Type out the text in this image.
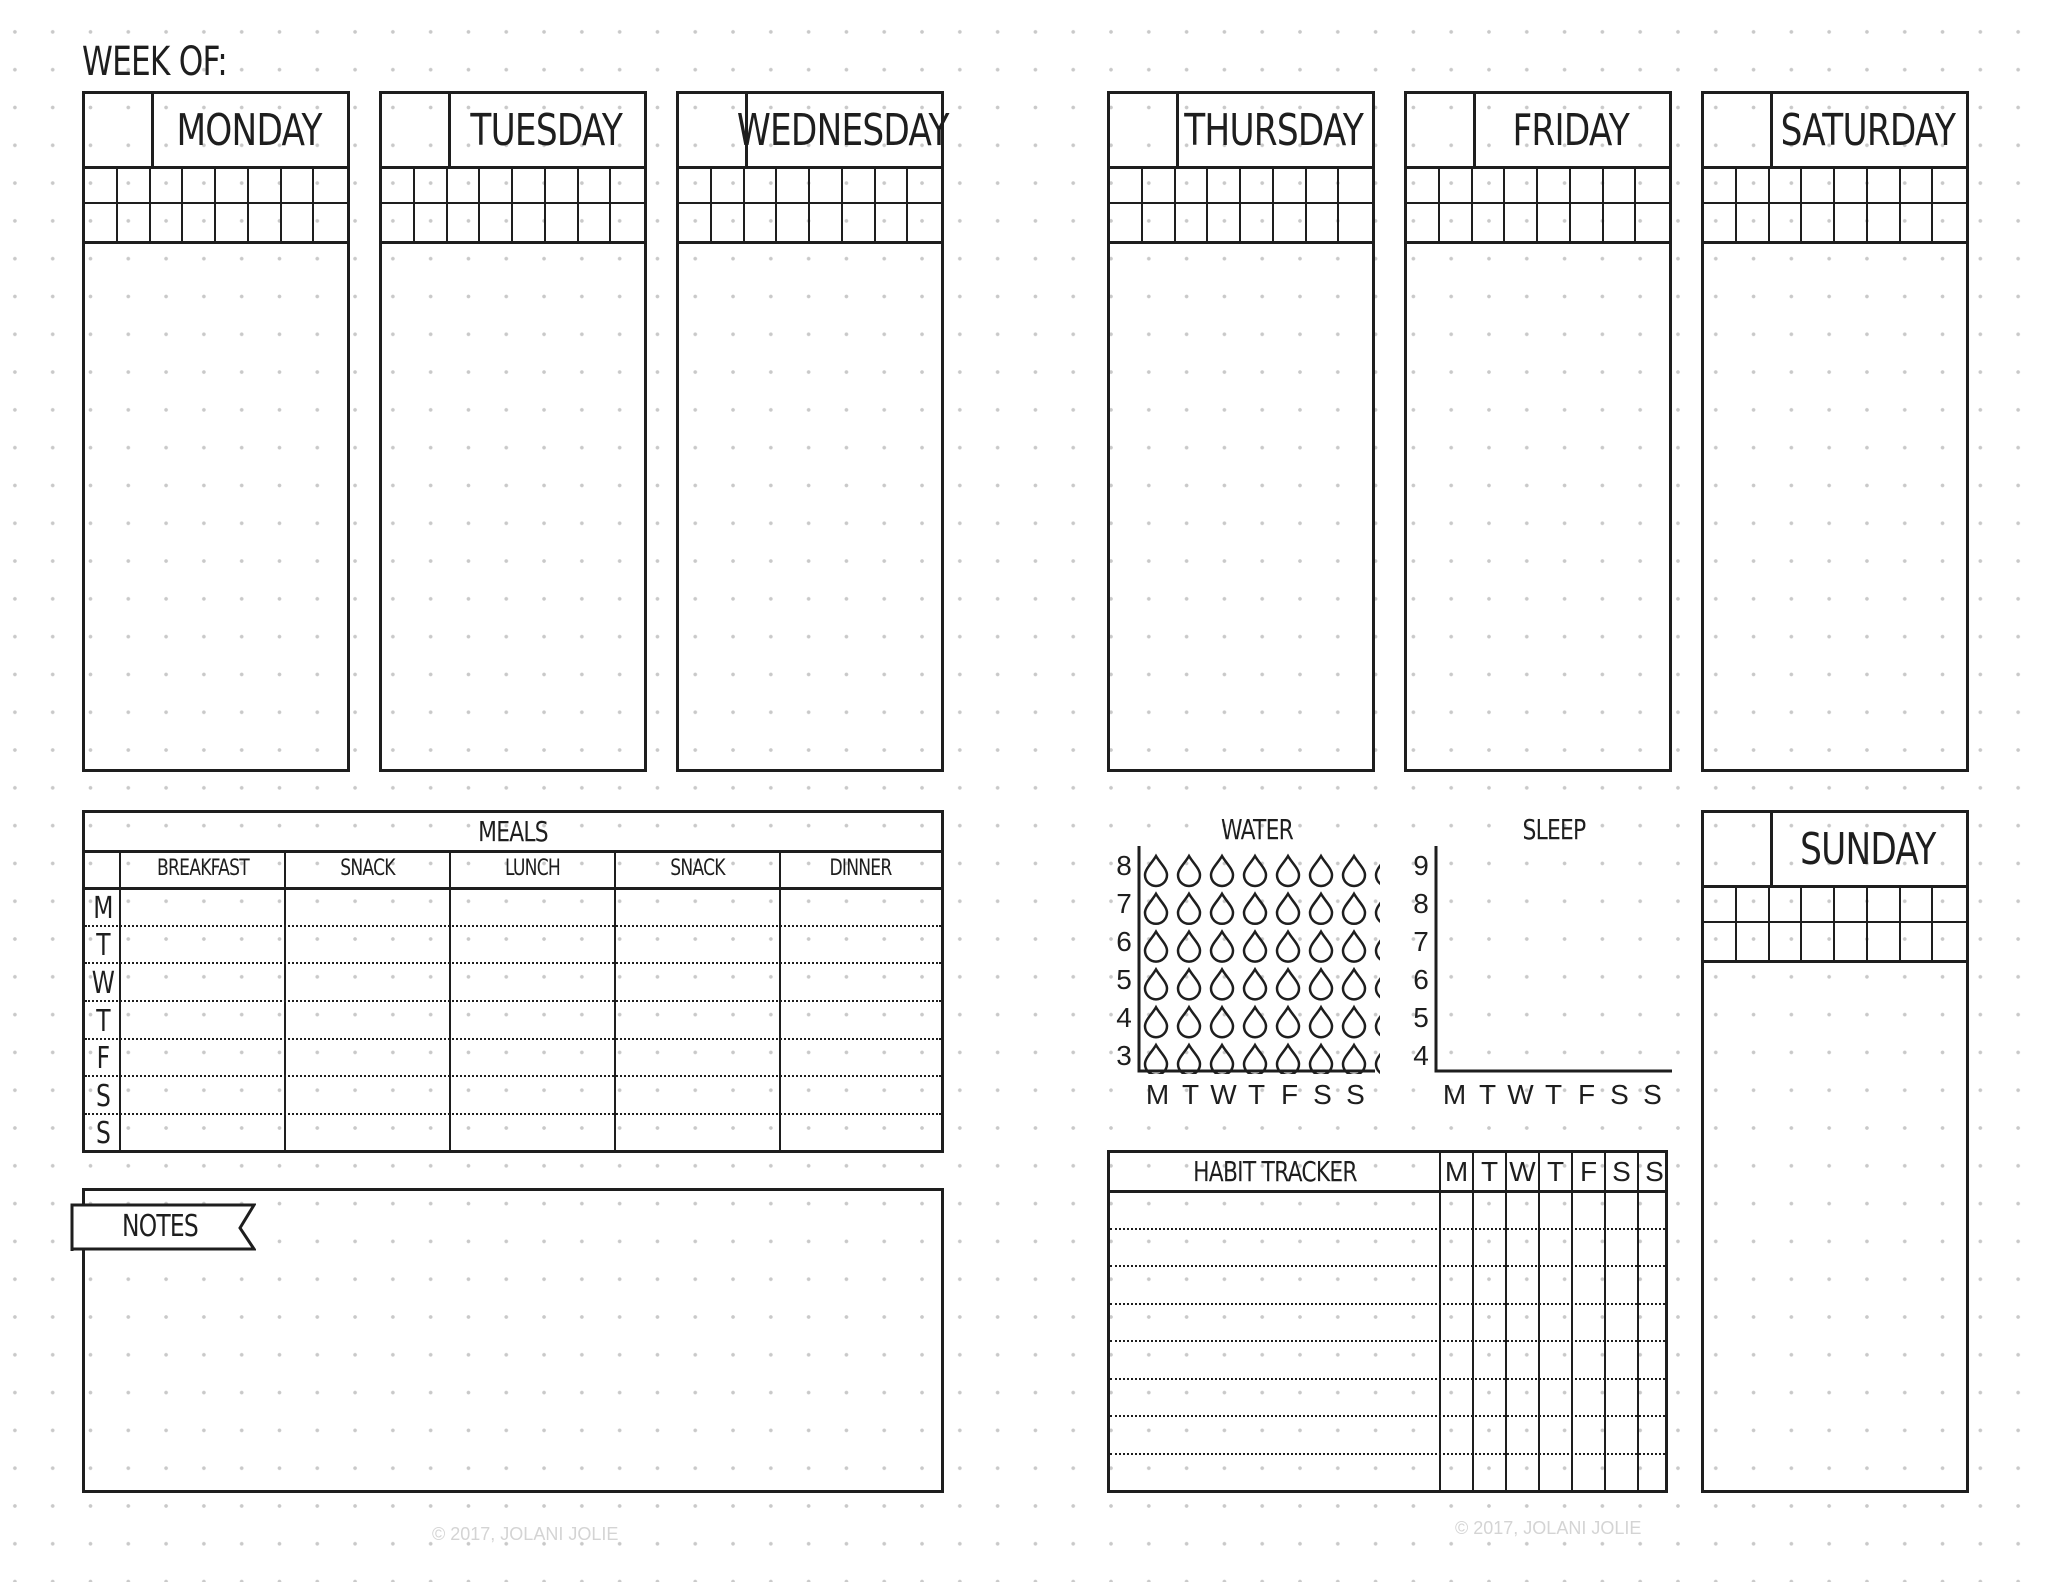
WEEK OF:
MONDAY	TUESDAY	WEDNESDAY	THURSDAY	FRIDAY	SATURDAY
SUNDAY
MEALS
BREAKFAST	SNACK	LUNCH	SNACK	DINNER
M
T
W
T
F
S
S
NOTES
WATER
8
7
6
5
4
3
M T W T F S S
SLEEP
9
8
7
6
5
4
M T W T F S S
HABIT TRACKER	M T W T F S S
© 2017, JOLANI JOLIE	© 2017, JOLANI JOLIE
